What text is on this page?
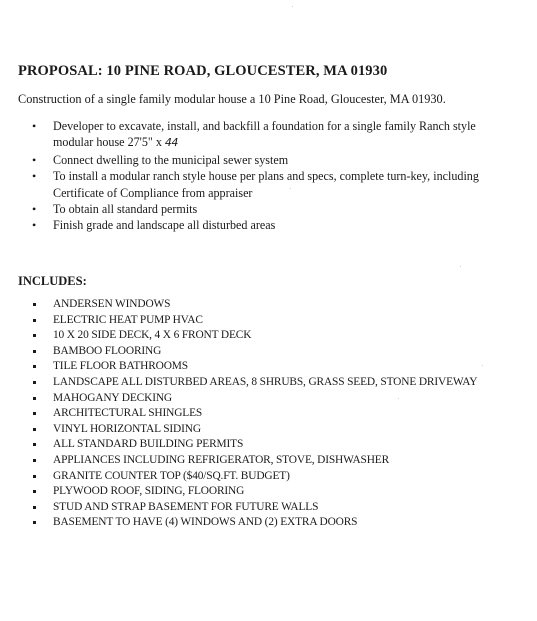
PROPOSAL: 10 PINE ROAD, GLOUCESTER, MA 01930
Construction of a single family modular house a 10 Pine Road, Gloucester, MA 01930.
• Developer to excavate, install, and backfill a foundation for a single family Ranch style modular house 27'5" x 44
• Connect dwelling to the municipal sewer system
• To install a modular ranch style house per plans and specs, complete turn-key, including Certificate of Compliance from appraiser
• To obtain all standard permits
• Finish grade and landscape all disturbed areas
INCLUDES:
ANDERSEN WINDOWS
ELECTRIC HEAT PUMP HVAC
10 X 20 SIDE DECK, 4 X 6 FRONT DECK
BAMBOO FLOORING
TILE FLOOR BATHROOMS
LANDSCAPE ALL DISTURBED AREAS, 8 SHRUBS, GRASS SEED, STONE DRIVEWAY
MAHOGANY DECKING
ARCHITECTURAL SHINGLES
VINYL HORIZONTAL SIDING
ALL STANDARD BUILDING PERMITS
APPLIANCES INCLUDING REFRIGERATOR, STOVE, DISHWASHER
GRANITE COUNTER TOP ($40/SQ.FT. BUDGET)
PLYWOOD ROOF, SIDING, FLOORING
STUD AND STRAP BASEMENT FOR FUTURE WALLS
BASEMENT TO HAVE (4) WINDOWS AND (2) EXTRA DOORS
